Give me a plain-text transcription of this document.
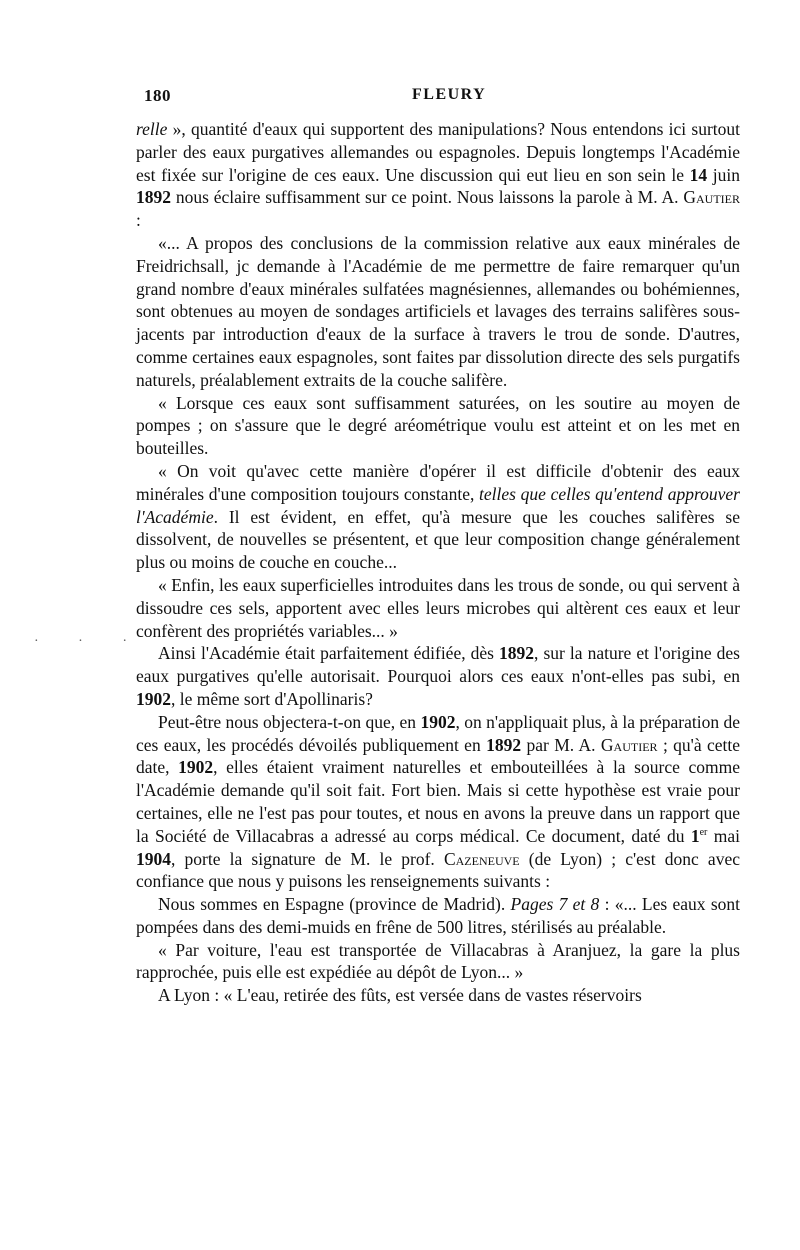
180	FLEURY
· · ·

relle », quantité d'eaux qui supportent des manipulations? Nous entendons ici surtout parler des eaux purgatives allemandes ou espagnoles. Depuis longtemps l'Académie est fixée sur l'origine de ces eaux. Une discussion qui eut lieu en son sein le 14 juin 1892 nous éclaire suffisamment sur ce point. Nous laissons la parole à M. A. Gautier :

«... A propos des conclusions de la commission relative aux eaux minérales de Freidrichsall, jc demande à l'Académie de me permettre de faire remarquer qu'un grand nombre d'eaux minérales sulfatées magnésiennes, allemandes ou bohémiennes, sont obtenues au moyen de sondages artificiels et lavages des terrains salifères sous-jacents par introduction d'eaux de la surface à travers le trou de sonde. D'autres, comme certaines eaux espagnoles, sont faites par dissolution directe des sels purgatifs naturels, préalablement extraits de la couche salifère.

« Lorsque ces eaux sont suffisamment saturées, on les soutire au moyen de pompes ; on s'assure que le degré aréométrique voulu est atteint et on les met en bouteilles.

« On voit qu'avec cette manière d'opérer il est difficile d'obtenir des eaux minérales d'une composition toujours constante, telles que celles qu'entend approuver l'Académie. Il est évident, en effet, qu'à mesure que les couches salifères se dissolvent, de nouvelles se présentent, et que leur composition change généralement plus ou moins de couche en couche...

« Enfin, les eaux superficielles introduites dans les trous de sonde, ou qui servent à dissoudre ces sels, apportent avec elles leurs microbes qui altèrent ces eaux et leur confèrent des propriétés variables... »

Ainsi l'Académie était parfaitement édifiée, dès 1892, sur la nature et l'origine des eaux purgatives qu'elle autorisait. Pourquoi alors ces eaux n'ont-elles pas subi, en 1902, le même sort d'Apollinaris?

Peut-être nous objectera-t-on que, en 1902, on n'appliquait plus, à la préparation de ces eaux, les procédés dévoilés publiquement en 1892 par M. A. Gautier ; qu'à cette date, 1902, elles étaient vraiment naturelles et embouteillées à la source comme l'Académie demande qu'il soit fait. Fort bien. Mais si cette hypothèse est vraie pour certaines, elle ne l'est pas pour toutes, et nous en avons la preuve dans un rapport que la Société de Villacabras a adressé au corps médical. Ce document, daté du 1er mai 1904, porte la signature de M. le prof. Cazeneuve (de Lyon) ; c'est donc avec confiance que nous y puisons les renseignements suivants :

Nous sommes en Espagne (province de Madrid). Pages 7 et 8 : «... Les eaux sont pompées dans des demi-muids en frêne de 500 litres, stérilisés au préalable.

« Par voiture, l'eau est transportée de Villacabras à Aranjuez, la gare la plus rapprochée, puis elle est expédiée au dépôt de Lyon... »

A Lyon : « L'eau, retirée des fûts, est versée dans de vastes réservoirs
